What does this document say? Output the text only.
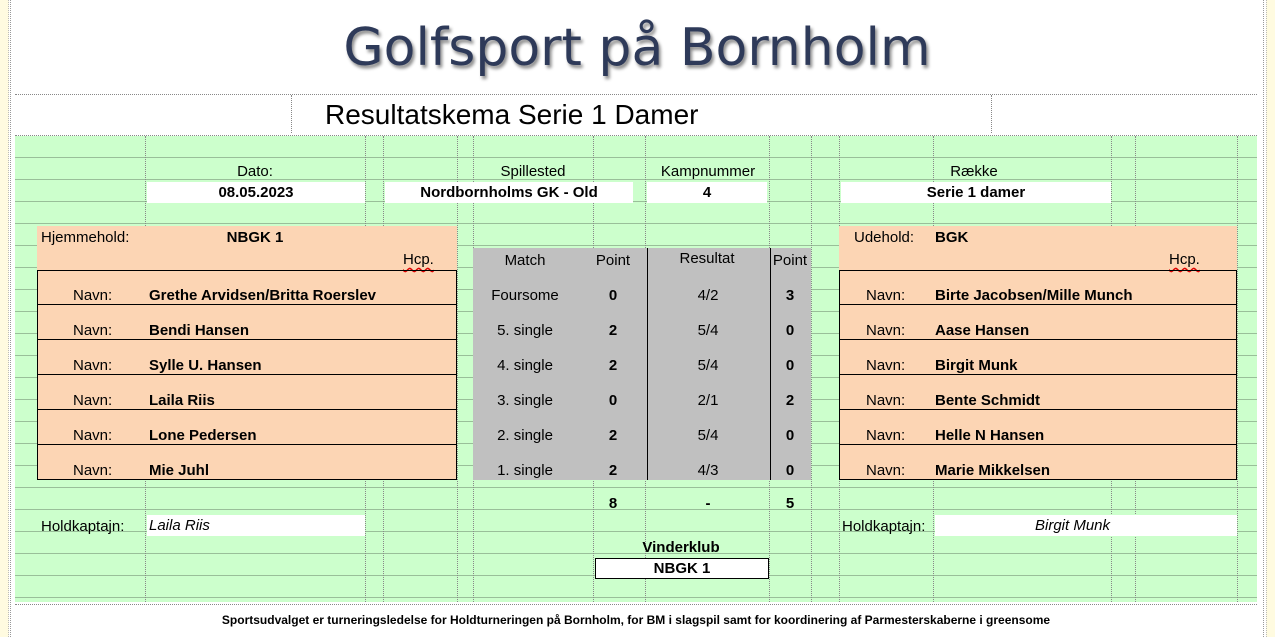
Golfsport på Bornholm
Resultatskema Serie 1 Damer
Dato:	Spillested	Kampnummer	Række
08.05.2023	Nordbornholms GK - Old	4	Serie 1 damer
Hjemmehold:	NBGK 1
Hcp.
Udehold: BGK
Hcp.
Match	Point	Resultat	Point
Navn: Grethe Arvidsen/Britta Roerslev	Foursome	0	4/2	3	Navn: Birte Jacobsen/Mille Munch
Navn: Bendi Hansen	5. single	2	5/4	0	Navn: Aase Hansen
Navn: Sylle U. Hansen	4. single	2	5/4	0	Navn: Birgit Munk
Navn: Laila Riis	3. single	0	2/1	2	Navn: Bente Schmidt
Navn: Lone Pedersen	2. single	2	5/4	0	Navn: Helle N Hansen
Navn: Mie Juhl	1. single	2	4/3	0	Navn: Marie Mikkelsen
8	-	5
Holdkaptajn: Laila Riis	Holdkaptajn:	Birgit Munk
Vinderklub
NBGK 1
Sportsudvalget er turneringsledelse for Holdturneringen på Bornholm, for BM i slagspil samt for koordinering af Parmesterskaberne i greensome
